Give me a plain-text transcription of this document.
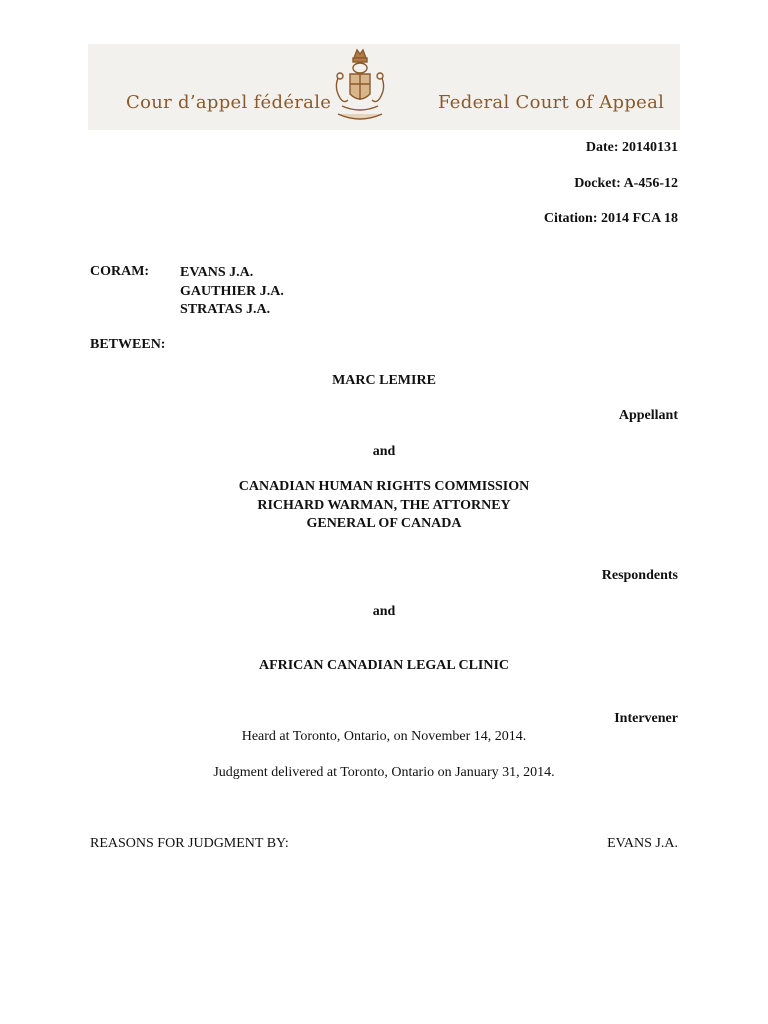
Cour d’appel fédérale	Federal Court of Appeal
Date: 20140131
Docket: A-456-12
Citation: 2014 FCA 18
CORAM: EVANS J.A.
GAUTHIER J.A.
STRATAS J.A.
BETWEEN:
MARC LEMIRE
Appellant
and
CANADIAN HUMAN RIGHTS COMMISSION
RICHARD WARMAN, THE ATTORNEY
GENERAL OF CANADA
Respondents
and
AFRICAN CANADIAN LEGAL CLINIC
Intervener
Heard at Toronto, Ontario, on November 14, 2014.
Judgment delivered at Toronto, Ontario on January 31, 2014.
REASONS FOR JUDGMENT BY:	EVANS J.A.
